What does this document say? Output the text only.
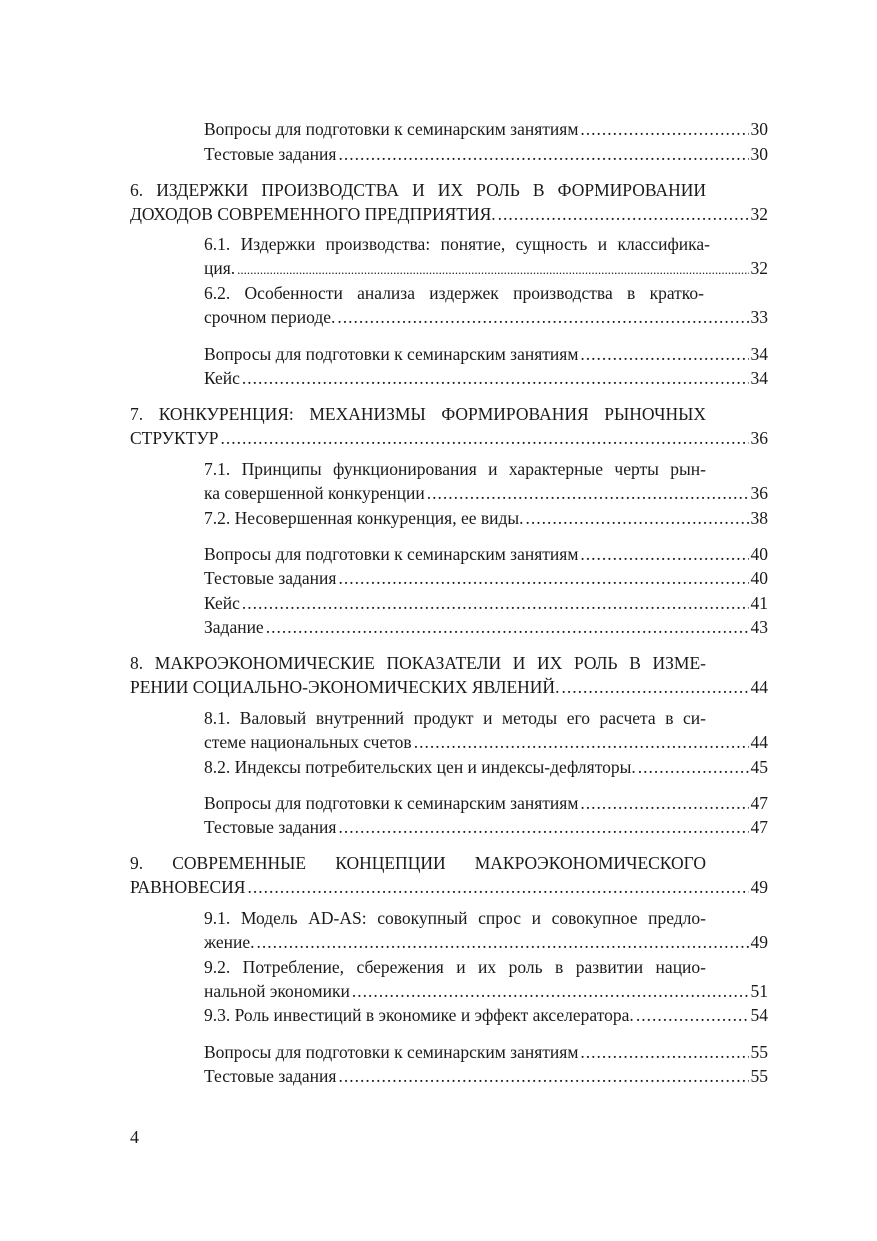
Вопросы для подготовки к семинарским занятиям .....	30
Тестовые задания .....	30
6. ИЗДЕРЖКИ ПРОИЗВОДСТВА И ИХ РОЛЬ В ФОРМИРОВАНИИ
ДОХОДОВ СОВРЕМЕННОГО ПРЕДПРИЯТИЯ. .....	32
6.1. Издержки производства: понятие, сущность и классифика-
ция. .....	32
6.2. Особенности анализа издержек производства в кратко-
срочном периоде. .....	33
Вопросы для подготовки к семинарским занятиям .....	34
Кейс .....	34
7. КОНКУРЕНЦИЯ: МЕХАНИЗМЫ ФОРМИРОВАНИЯ РЫНОЧНЫХ
СТРУКТУР .....	36
7.1. Принципы функционирования и характерные черты рын-
ка совершенной конкуренции .....	36
7.2. Несовершенная конкуренция, ее виды. .....	38
Вопросы для подготовки к семинарским занятиям .....	40
Тестовые задания .....	40
Кейс .....	41
Задание .....	43
8. МАКРОЭКОНОМИЧЕСКИЕ ПОКАЗАТЕЛИ И ИХ РОЛЬ В ИЗМЕ-
РЕНИИ СОЦИАЛЬНО-ЭКОНОМИЧЕСКИХ ЯВЛЕНИЙ. .....	44
8.1. Валовый внутренний продукт и методы его расчета в си-
стеме национальных счетов .....	44
8.2. Индексы потребительских цен и индексы-дефляторы. .....	45
Вопросы для подготовки к семинарским занятиям .....	47
Тестовые задания .....	47
9. СОВРЕМЕННЫЕ КОНЦЕПЦИИ МАКРОЭКОНОМИЧЕСКОГО
РАВНОВЕСИЯ .....	49
9.1. Модель AD-AS: совокупный спрос и совокупное предло-
жение. .....	49
9.2. Потребление, сбережения и их роль в развитии нацио-
нальной экономики .....	51
9.3. Роль инвестиций в экономике и эффект акселератора. .....	54
Вопросы для подготовки к семинарским занятиям .....	55
Тестовые задания .....	55
4
